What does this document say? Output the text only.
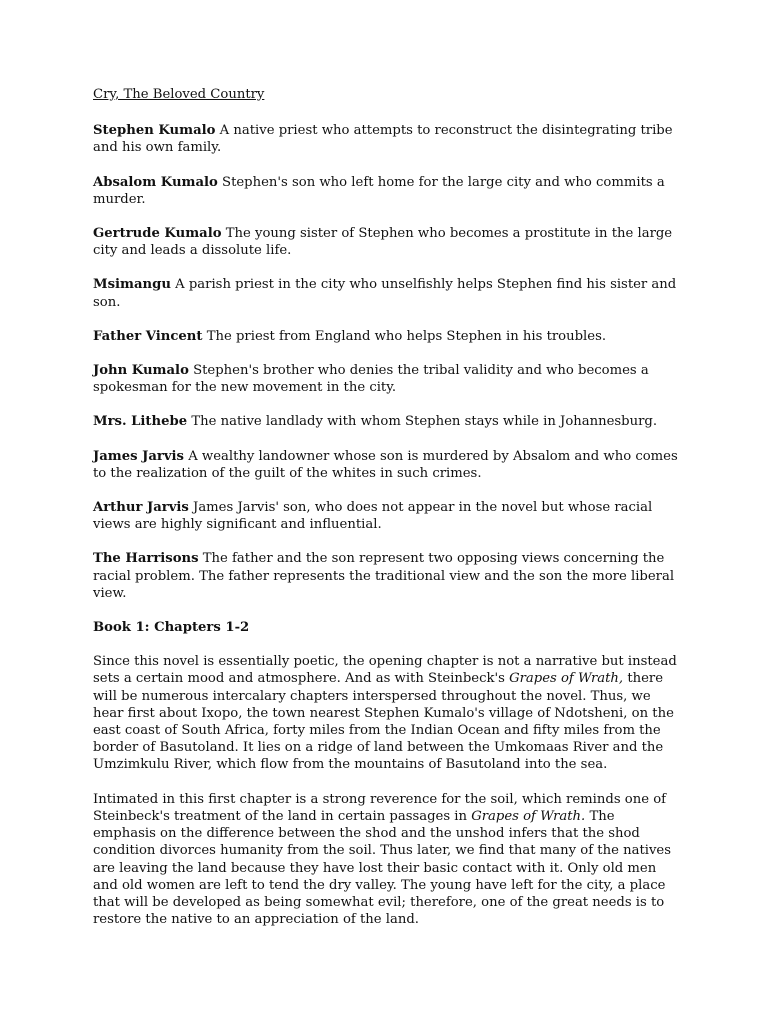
Cry, The Beloved Country
Stephen Kumalo A native priest who attempts to reconstruct the disintegrating tribe and his own family.
Absalom Kumalo Stephen's son who left home for the large city and who commits a murder.
Gertrude Kumalo The young sister of Stephen who becomes a prostitute in the large city and leads a dissolute life.
Msimangu A parish priest in the city who unselfishly helps Stephen find his sister and son.
Father Vincent The priest from England who helps Stephen in his troubles.
John Kumalo Stephen's brother who denies the tribal validity and who becomes a spokesman for the new movement in the city.
Mrs. Lithebe The native landlady with whom Stephen stays while in Johannesburg.
James Jarvis A wealthy landowner whose son is murdered by Absalom and who comes to the realization of the guilt of the whites in such crimes.
Arthur Jarvis James Jarvis' son, who does not appear in the novel but whose racial views are highly significant and influential.
The Harrisons The father and the son represent two opposing views concerning the racial problem. The father represents the traditional view and the son the more liberal view.
Book 1: Chapters 1-2
Since this novel is essentially poetic, the opening chapter is not a narrative but instead sets a certain mood and atmosphere. And as with Steinbeck's Grapes of Wrath, there will be numerous intercalary chapters interspersed throughout the novel. Thus, we hear first about Ixopo, the town nearest Stephen Kumalo's village of Ndotsheni, on the east coast of South Africa, forty miles from the Indian Ocean and fifty miles from the border of Basutoland. It lies on a ridge of land between the Umkomaas River and the Umzimkulu River, which flow from the mountains of Basutoland into the sea.
Intimated in this first chapter is a strong reverence for the soil, which reminds one of Steinbeck's treatment of the land in certain passages in Grapes of Wrath. The emphasis on the difference between the shod and the unshod infers that the shod condition divorces humanity from the soil. Thus later, we find that many of the natives are leaving the land because they have lost their basic contact with it. Only old men and old women are left to tend the dry valley. The young have left for the city, a place that will be developed as being somewhat evil; therefore, one of the great needs is to restore the native to an appreciation of the land.
